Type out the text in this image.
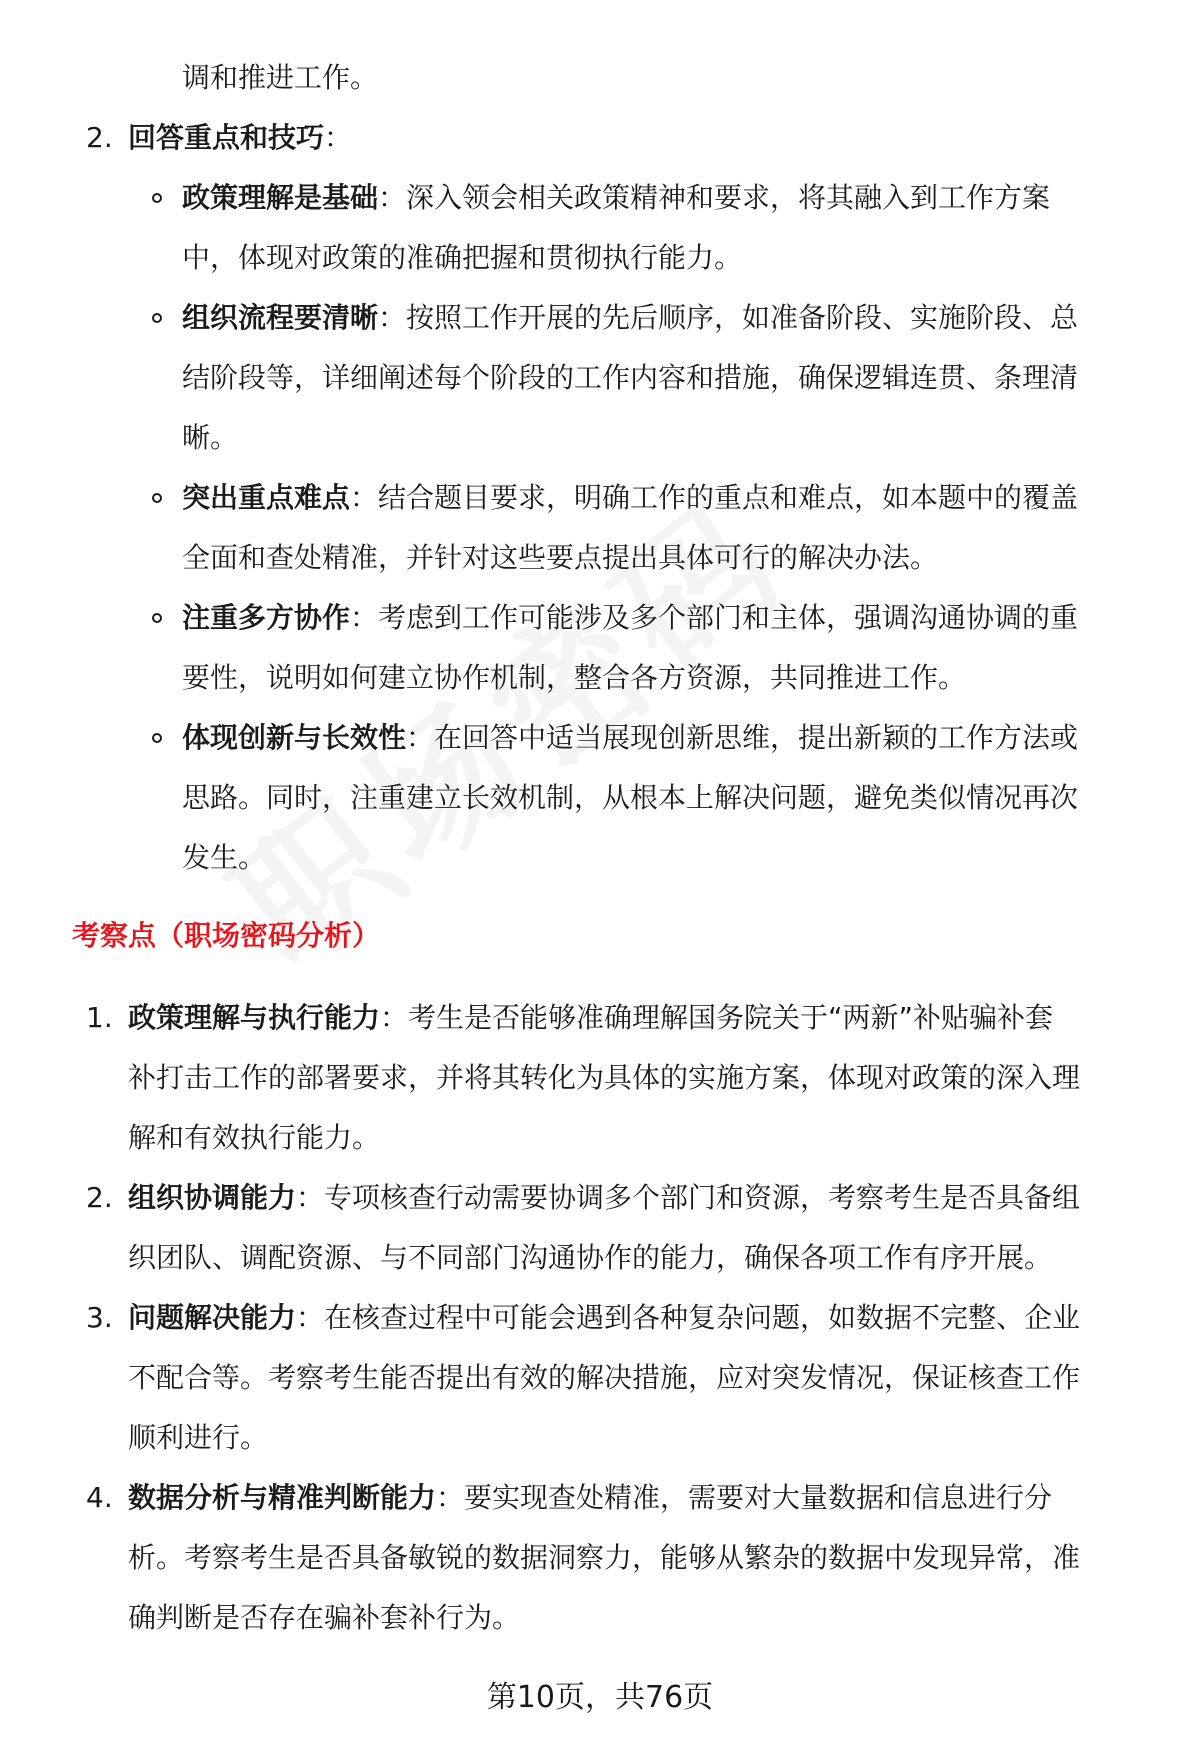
调和推进工作。
2. 回答重点和技巧：
政策理解是基础：深入领会相关政策精神和要求，将其融入到工作方案
中，体现对政策的准确把握和贯彻执行能力。
组织流程要清晰：按照工作开展的先后顺序，如准备阶段、实施阶段、总
结阶段等，详细阐述每个阶段的工作内容和措施，确保逻辑连贯、条理清
晰。
突出重点难点：结合题目要求，明确工作的重点和难点，如本题中的覆盖
全面和查处精准，并针对这些要点提出具体可行的解决办法。
注重多方协作：考虑到工作可能涉及多个部门和主体，强调沟通协调的重
要性，说明如何建立协作机制，整合各方资源，共同推进工作。
体现创新与长效性：在回答中适当展现创新思维，提出新颖的工作方法或
思路。同时，注重建立长效机制，从根本上解决问题，避免类似情况再次
发生。
考察点（职场密码分析）
1. 政策理解与执行能力：考生是否能够准确理解国务院关于“两新”补贴骗补套
补打击工作的部署要求，并将其转化为具体的实施方案，体现对政策的深入理
解和有效执行能力。
2. 组织协调能力：专项核查行动需要协调多个部门和资源，考察考生是否具备组
织团队、调配资源、与不同部门沟通协作的能力，确保各项工作有序开展。
3. 问题解决能力：在核查过程中可能会遇到各种复杂问题，如数据不完整、企业
不配合等。考察考生能否提出有效的解决措施，应对突发情况，保证核查工作
顺利进行。
4. 数据分析与精准判断能力：要实现查处精准，需要对大量数据和信息进行分
析。考察考生是否具备敏锐的数据洞察力，能够从繁杂的数据中发现异常，准
确判断是否存在骗补套补行为。
第10页，共76页
